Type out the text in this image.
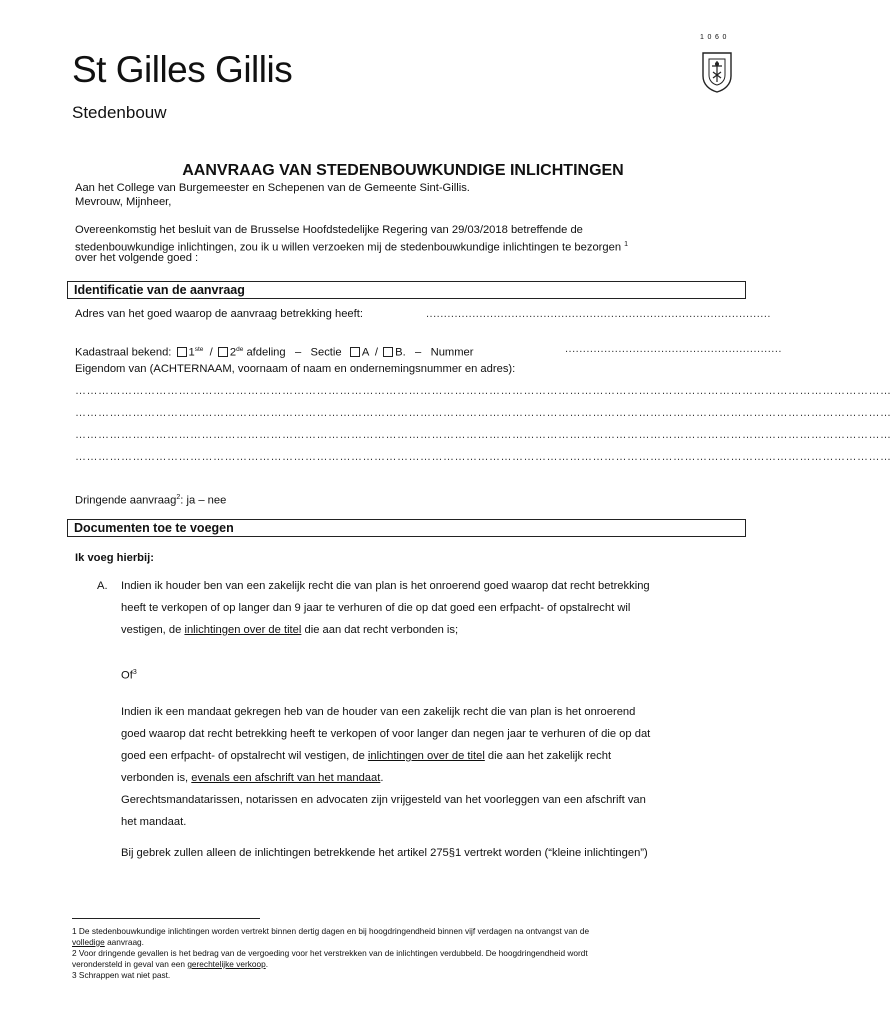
St Gilles Gillis
Stedenbouw
1060
AANVRAAG VAN STEDENBOUWKUNDIGE INLICHTINGEN
Aan het College van Burgemeester en Schepenen van de Gemeente Sint-Gillis.
Mevrouw, Mijnheer,
Overeenkomstig het besluit van de Brusselse Hoofdstedelijke Regering van 29/03/2018 betreffende de
stedenbouwkundige inlichtingen, zou ik u willen verzoeken mij de stedenbouwkundige inlichtingen te bezorgen $^1$
over het volgende goed :
Identificatie van de aanvraag
Adres van het goed waarop de aanvraag betrekking heeft:	.................................................................................................
Kadastraal bekend: 1ste / 2de afdeling – Sectie A / B. – Nummer	.............................................................
Eigendom van (ACHTERNAAM, voornaam of naam en ondernemingsnummer en adres):
……………………………………………………………………………………………………………………………………………………………………………………………
……………………………………………………………………………………………………………………………………………………………………………………………
……………………………………………………………………………………………………………………………………………………………………………………………
……………………………………………………………………………………………………………………………………………………………………………………………
Dringende aanvraag$^2$: ja – nee
Documenten toe te voegen
Ik voeg hierbij:
A. Indien ik houder ben van een zakelijk recht die van plan is het onroerend goed waarop dat recht betrekking
heeft te verkopen of op langer dan 9 jaar te verhuren of die op dat goed een erfpacht- of opstalrecht wil
vestigen, de inlichtingen over de titel die aan dat recht verbonden is;
Of$^3$
Indien ik een mandaat gekregen heb van de houder van een zakelijk recht die van plan is het onroerend
goed waarop dat recht betrekking heeft te verkopen of voor langer dan negen jaar te verhuren of die op dat
goed een erfpacht- of opstalrecht wil vestigen, de inlichtingen over de titel die aan het zakelijk recht
verbonden is, evenals een afschrift van het mandaat.
Gerechtsmandatarissen, notarissen en advocaten zijn vrijgesteld van het voorleggen van een afschrift van
het mandaat.
Bij gebrek zullen alleen de inlichtingen betrekkende het artikel 275§1 vertrekt worden (“kleine inlichtingen”)
1 De stedenbouwkundige inlichtingen worden vertrekt binnen dertig dagen en bij hoogdringendheid binnen vijf verdagen na ontvangst van de
volledige aanvraag.
2 Voor dringende gevallen is het bedrag van de vergoeding voor het verstrekken van de inlichtingen verdubbeld. De hoogdringendheid wordt
verondersteld in geval van een gerechtelijke verkoop.
3 Schrappen wat niet past.
